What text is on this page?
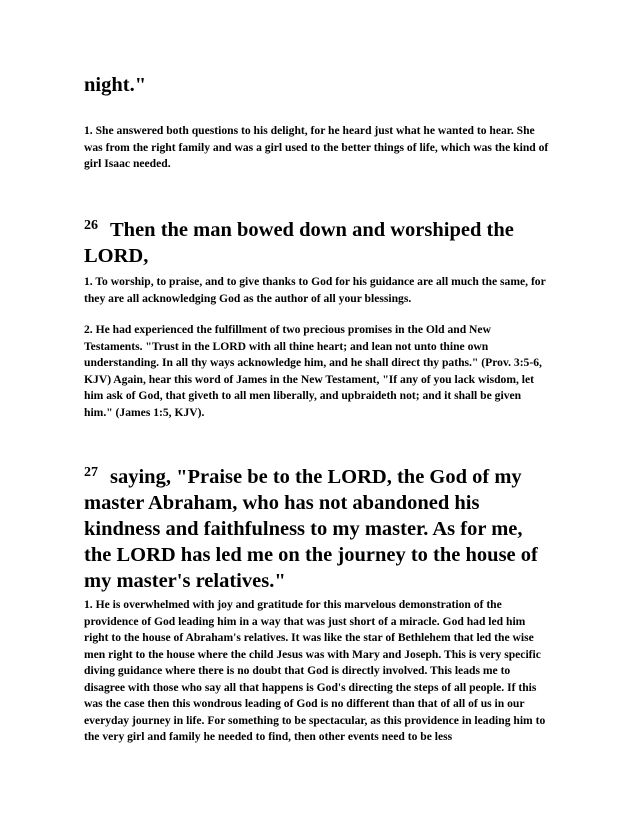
night."

1. She answered both questions to his delight, for he heard just what he wanted to hear. She was from the right family and was a girl used to the better things of life, which was the kind of girl Isaac needed.

$^{26}$ Then the man bowed down and worshiped the LORD,

1. To worship, to praise, and to give thanks to God for his guidance are all much the same, for they are all acknowledging God as the author of all your blessings.

2. He had experienced the fulfillment of two precious promises in the Old and New Testaments. "Trust in the LORD with all thine heart; and lean not unto thine own understanding. In all thy ways acknowledge him, and he shall direct thy paths." (Prov. 3:5-6, KJV) Again, hear this word of James in the New Testament, "If any of you lack wisdom, let him ask of God, that giveth to all men liberally, and upbraideth not; and it shall be given him." (James 1:5, KJV).

$^{27}$ saying, "Praise be to the LORD, the God of my master Abraham, who has not abandoned his kindness and faithfulness to my master. As for me, the LORD has led me on the journey to the house of my master's relatives."

1. He is overwhelmed with joy and gratitude for this marvelous demonstration of the providence of God leading him in a way that was just short of a miracle. God had led him right to the house of Abraham's relatives. It was like the star of Bethlehem that led the wise men right to the house where the child Jesus was with Mary and Joseph. This is very specific diving guidance where there is no doubt that God is directly involved. This leads me to disagree with those who say all that happens is God's directing the steps of all people. If this was the case then this wondrous leading of God is no different than that of all of us in our everyday journey in life. For something to be spectacular, as this providence in leading him to the very girl and family he needed to find, then other events need to be less
